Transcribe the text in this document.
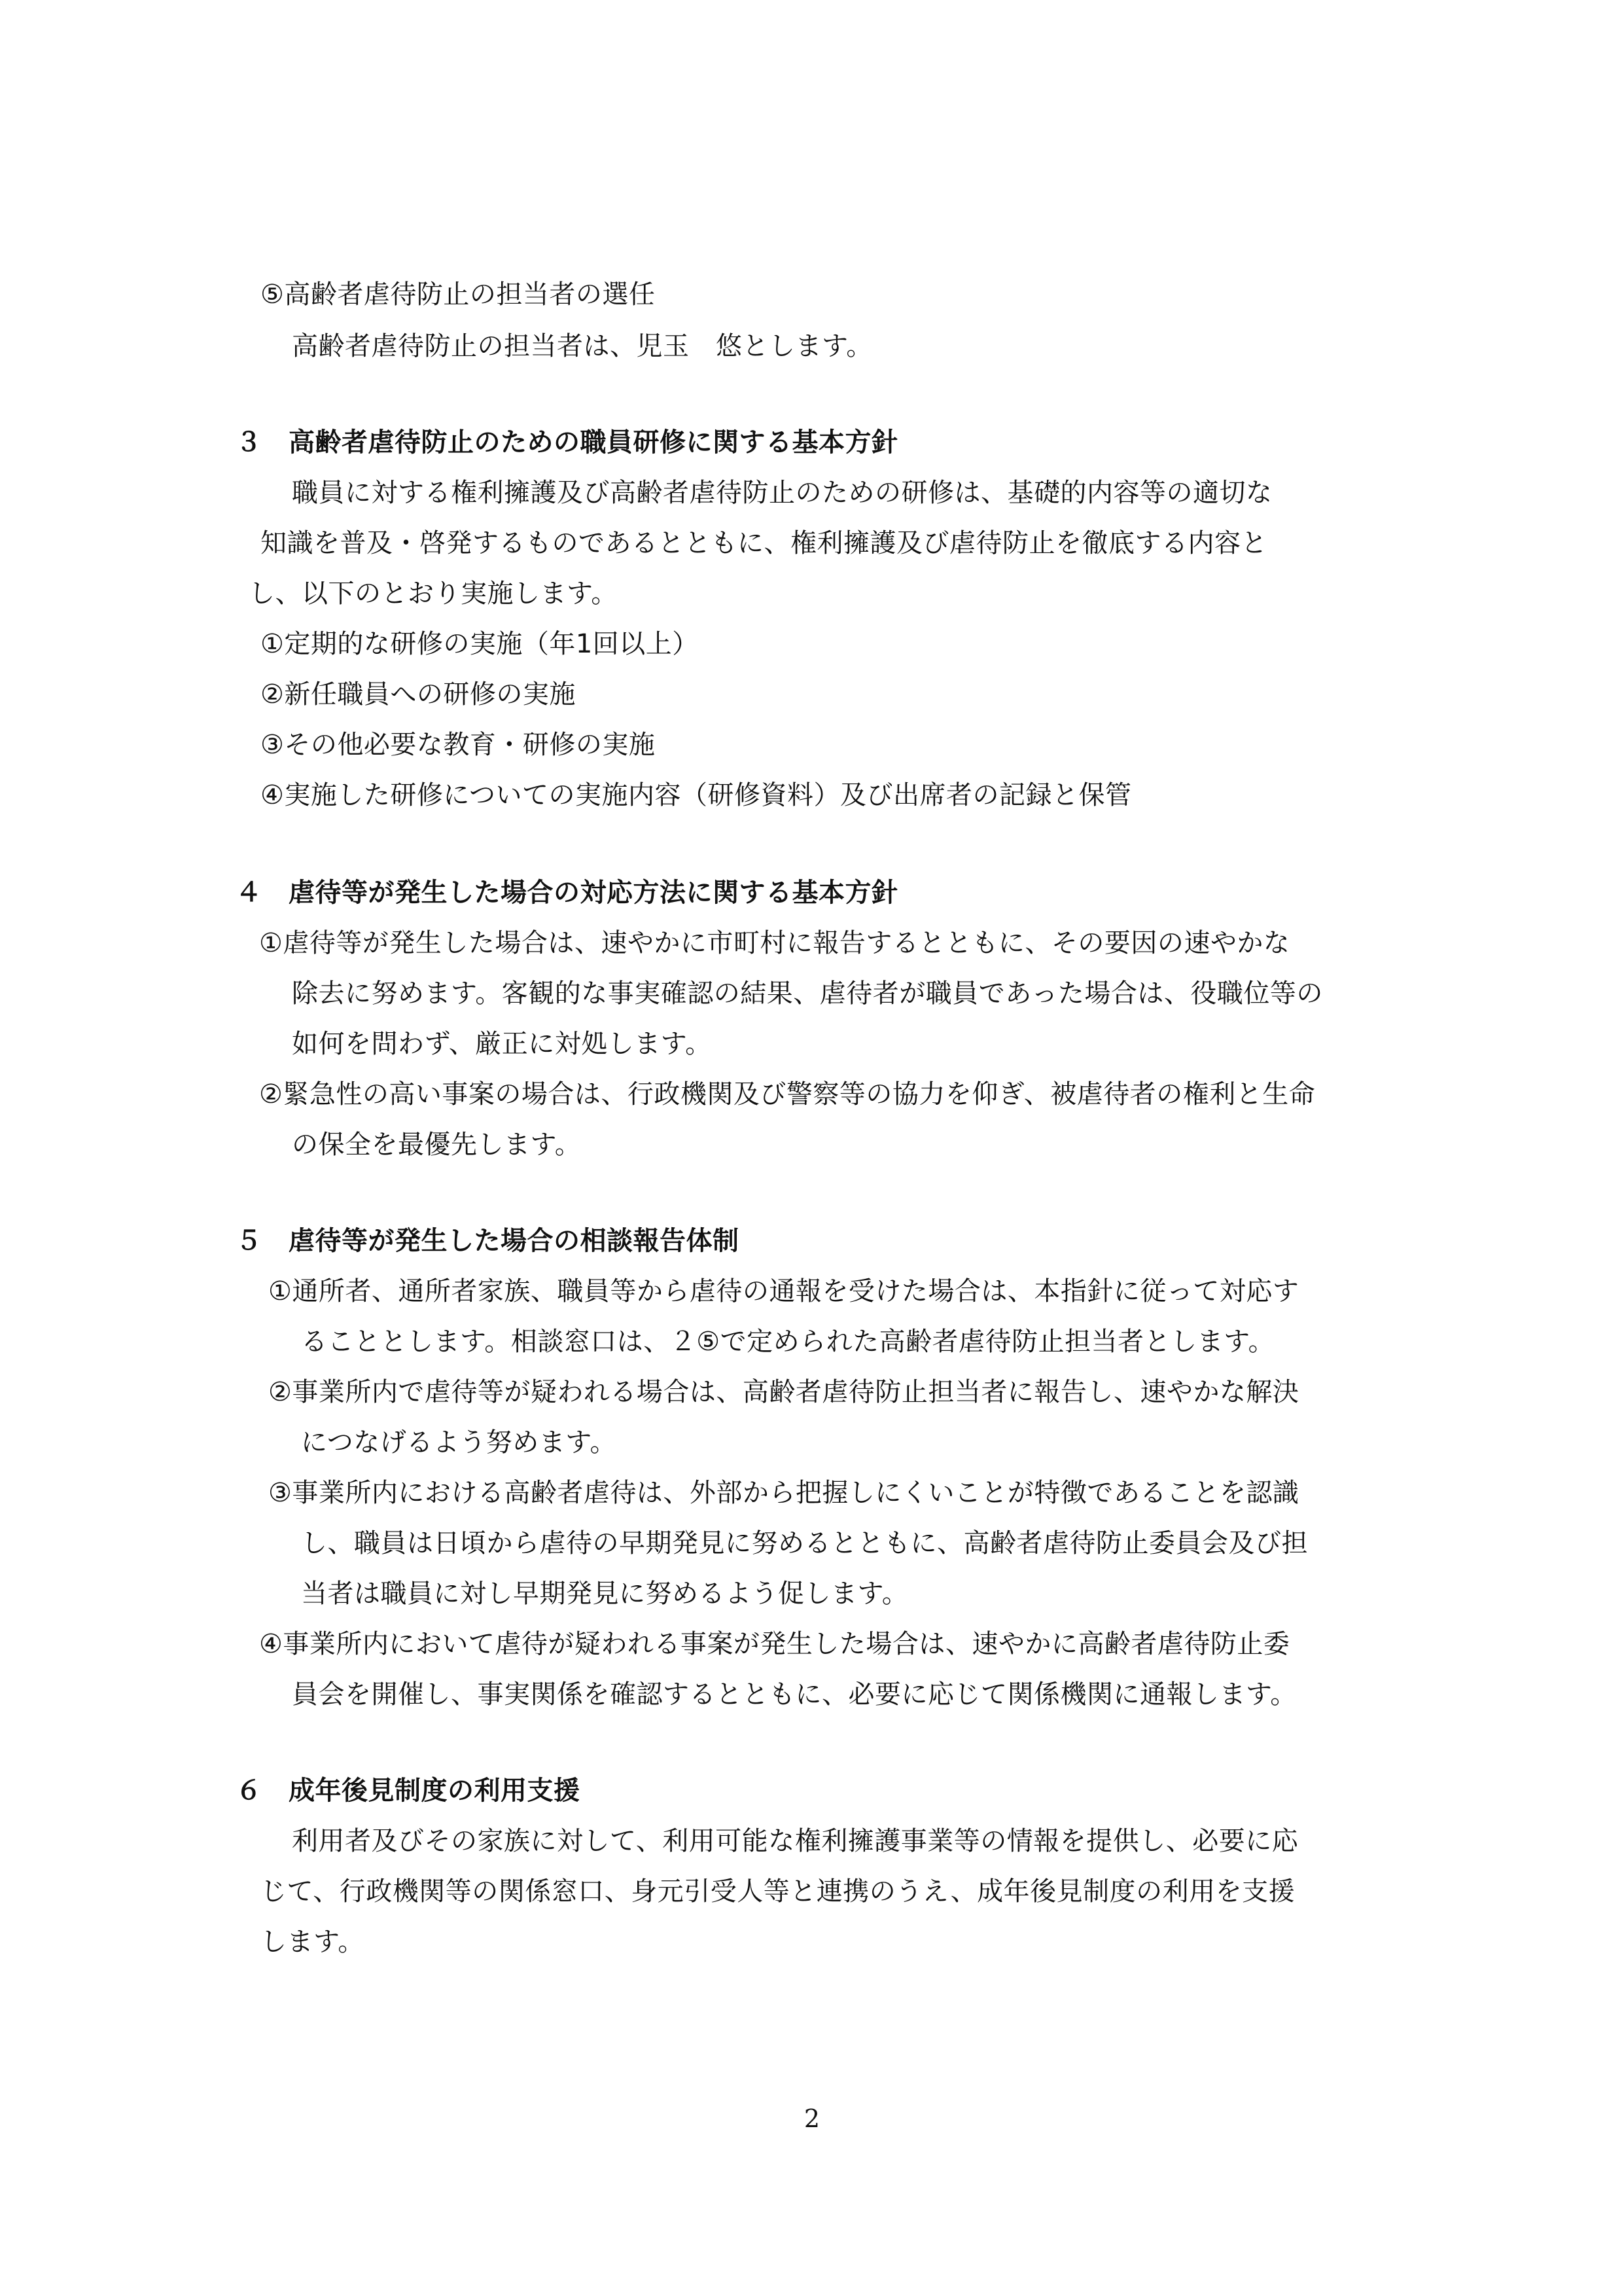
⑤高齢者虐待防止の担当者の選任
高齢者虐待防止の担当者は、児玉　悠とします。
３　高齢者虐待防止のための職員研修に関する基本方針
職員に対する権利擁護及び高齢者虐待防止のための研修は、基礎的内容等の適切な
知識を普及・啓発するものであるとともに、権利擁護及び虐待防止を徹底する内容と
し、以下のとおり実施します。
①定期的な研修の実施（年1回以上）
②新任職員への研修の実施
③その他必要な教育・研修の実施
④実施した研修についての実施内容（研修資料）及び出席者の記録と保管
４　虐待等が発生した場合の対応方法に関する基本方針
①虐待等が発生した場合は、速やかに市町村に報告するとともに、その要因の速やかな
除去に努めます。客観的な事実確認の結果、虐待者が職員であった場合は、役職位等の
如何を問わず、厳正に対処します。
②緊急性の高い事案の場合は、行政機関及び警察等の協力を仰ぎ、被虐待者の権利と生命
の保全を最優先します。
５　虐待等が発生した場合の相談報告体制
①通所者、通所者家族、職員等から虐待の通報を受けた場合は、本指針に従って対応す
ることとします。相談窓口は、２⑤で定められた高齢者虐待防止担当者とします。
②事業所内で虐待等が疑われる場合は、高齢者虐待防止担当者に報告し、速やかな解決
につなげるよう努めます。
③事業所内における高齢者虐待は、外部から把握しにくいことが特徴であることを認識
し、職員は日頃から虐待の早期発見に努めるとともに、高齢者虐待防止委員会及び担
当者は職員に対し早期発見に努めるよう促します。
④事業所内において虐待が疑われる事案が発生した場合は、速やかに高齢者虐待防止委
員会を開催し、事実関係を確認するとともに、必要に応じて関係機関に通報します。
６　成年後見制度の利用支援
利用者及びその家族に対して、利用可能な権利擁護事業等の情報を提供し、必要に応
じて、行政機関等の関係窓口、身元引受人等と連携のうえ、成年後見制度の利用を支援
します。
2
